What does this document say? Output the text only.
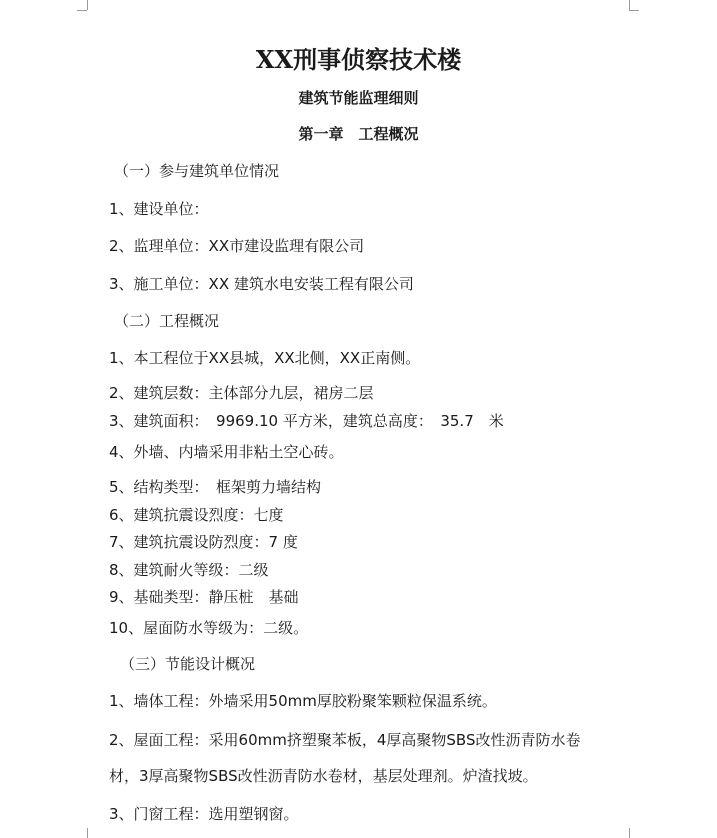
XX刑事侦察技术楼
建筑节能监理细则
第一章　工程概况
（一）参与建筑单位情况
1、建设单位：
2、监理单位：XX市建设监理有限公司
3、施工单位：XX 建筑水电安装工程有限公司
（二）工程概况
1、本工程位于XX县城，XX北侧，XX正南侧。
2、建筑层数：主体部分九层，裙房二层
3、建筑面积：　9969.10 平方米，建筑总高度：　35.7　米
4、外墙、内墙采用非粘土空心砖。
5、结构类型：　框架剪力墙结构
6、建筑抗震设烈度：七度
7、建筑抗震设防烈度：7 度
8、建筑耐火等级：二级
9、基础类型：静压桩　基础
10、屋面防水等级为：二级。
（三）节能设计概况
1、墙体工程：外墙采用50mm厚胶粉聚笨颗粒保温系统。
2、屋面工程：采用60mm挤塑聚苯板，4厚高聚物SBS改性沥青防水卷
材，3厚高聚物SBS改性沥青防水卷材，基层处理剂。炉渣找坡。
3、门窗工程：选用塑钢窗。
